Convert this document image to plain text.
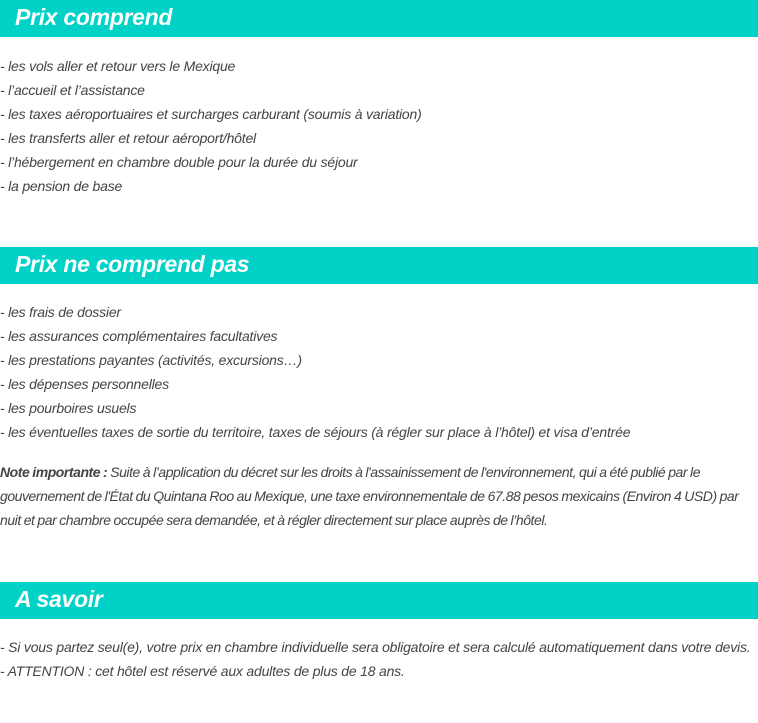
Prix comprend
- les vols aller et retour vers le Mexique
- l’accueil et l’assistance
- les taxes aéroportuaires et surcharges carburant (soumis à variation)
- les transferts aller et retour aéroport/hôtel
- l’hébergement en chambre double pour la durée du séjour
- la pension de base
Prix ne comprend pas
- les frais de dossier
- les assurances complémentaires facultatives
- les prestations payantes (activités, excursions…)
- les dépenses personnelles
- les pourboires usuels
- les éventuelles taxes de sortie du territoire, taxes de séjours (à régler sur place à l’hôtel) et visa d’entrée
Note importante : Suite à l’application du décret sur les droits à l'assainissement de l'environnement, qui a été publié par le gouvernement de l'État du Quintana Roo au Mexique, une taxe environnementale de 67.88 pesos mexicains (Environ 4 USD) par nuit et par chambre occupée sera demandée, et à régler directement sur place auprès de l’hôtel.
A savoir
- Si vous partez seul(e), votre prix en chambre individuelle sera obligatoire et sera calculé automatiquement dans votre devis.
- ATTENTION : cet hôtel est réservé aux adultes de plus de 18 ans.
